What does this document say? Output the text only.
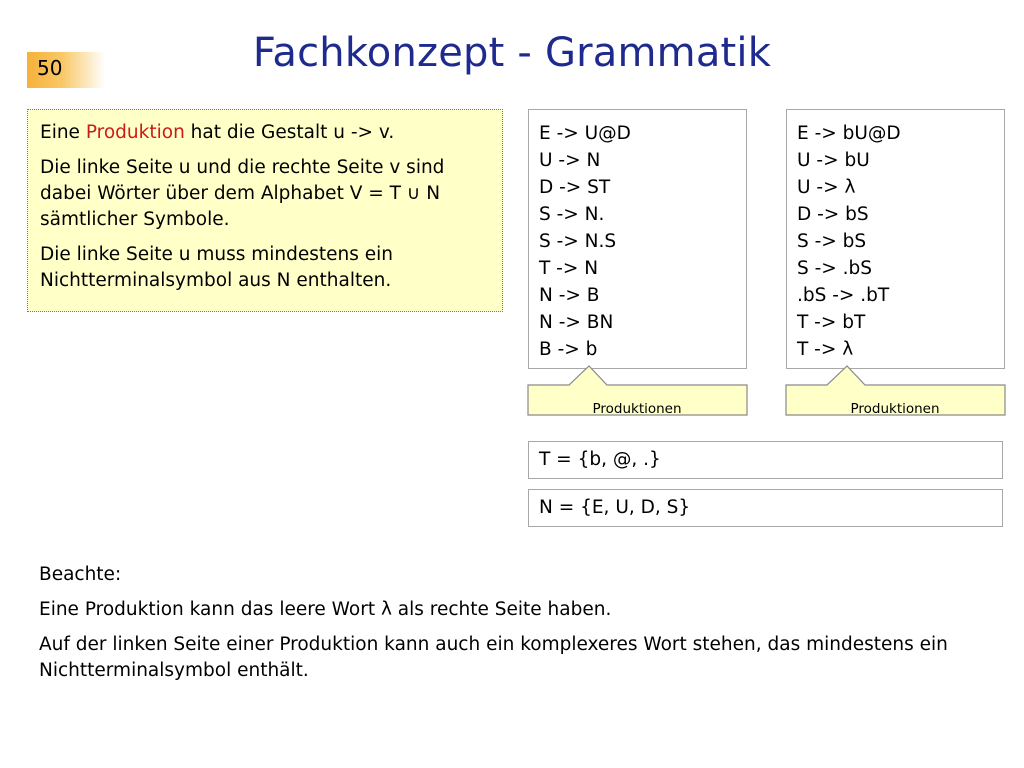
50	Fachkonzept - Grammatik

Eine Produktion hat die Gestalt u -> v.

Die linke Seite u und die rechte Seite v sind dabei Wörter über dem Alphabet V = T ∪ N sämtlicher Symbole.

Die linke Seite u muss mindestens ein Nichtterminalsymbol aus N enthalten.

E -> U@D
U -> N
D -> ST
S -> N.
S -> N.S
T -> N
N -> B
N -> BN
B -> b
E -> bU@D
U -> bU
U -> λ
D -> bS
S -> bS
S -> .bS
.bS -> .bT
T -> bT
T -> λ
Produktionen	Produktionen
T = {b, @, .}
N = {E, U, D, S}

Beachte:

Eine Produktion kann das leere Wort λ als rechte Seite haben.

Auf der linken Seite einer Produktion kann auch ein komplexeres Wort stehen, das mindestens ein Nichtterminalsymbol enthält.
